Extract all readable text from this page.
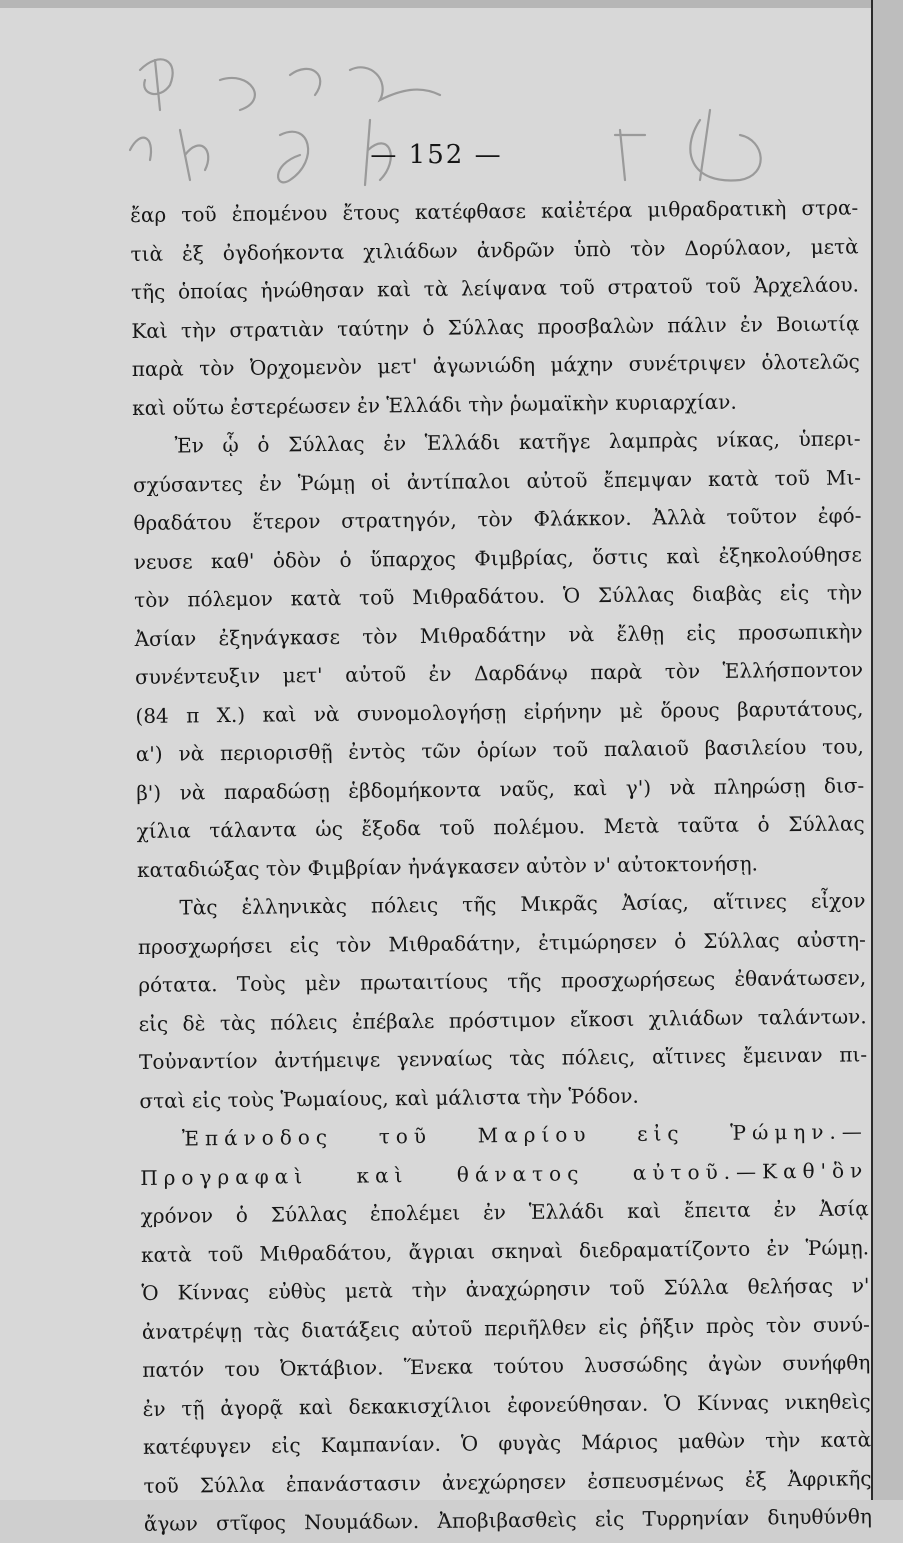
— 152 —
ἔαρ τοῦ ἐπομένου ἔτους κατέφθασε καἰἐτέρα μιθραδρατικὴ στρα-
τιὰ ἐξ ὀγδοήκοντα χιλιάδων ἀνδρῶν ὑπὸ τὸν Δορύλαον, μετὰ
τῆς ὁποίας ἡνώθησαν καὶ τὰ λείψανα τοῦ στρατοῦ τοῦ Ἀρχελάου.
Καὶ τὴν στρατιὰν ταύτην ὁ Σύλλας προσβαλὼν πάλιν ἐν Βοιωτίᾳ
παρὰ τὸν Ὀρχομενὸν μετ' ἀγωνιώδη μάχην συνέτριψεν ὁλοτελῶς
καὶ οὕτω ἐστερέωσεν ἐν Ἑλλάδι τὴν ῥωμαϊκὴν κυριαρχίαν.
Ἐν ᾧ ὁ Σύλλας ἐν Ἑλλάδι κατῆγε λαμπρὰς νίκας, ὑπερι-
σχύσαντες ἐν Ῥώμῃ οἱ ἀντίπαλοι αὐτοῦ ἔπεμψαν κατὰ τοῦ Μι-
θραδάτου ἕτερον στρατηγόν, τὸν Φλάκκον. Ἀλλὰ τοῦτον ἐφό-
νευσε καθ' ὁδὸν ὁ ὕπαρχος Φιμβρίας, ὅστις καὶ ἐξηκολούθησε
τὸν πόλεμον κατὰ τοῦ Μιθραδάτου. Ὁ Σύλλας διαβὰς εἰς τὴν
Ἀσίαν ἐξηνάγκασε τὸν Μιθραδάτην νὰ ἔλθῃ εἰς προσωπικὴν
συνέντευξιν μετ' αὐτοῦ ἐν Δαρδάνῳ παρὰ τὸν Ἑλλήσποντον
(84 π Χ.) καὶ νὰ συνομολογήσῃ εἰρήνην μὲ ὅρους βαρυτάτους,
α') νὰ περιορισθῇ ἐντὸς τῶν ὁρίων τοῦ παλαιοῦ βασιλείου του,
β') νὰ παραδώσῃ ἑβδομήκοντα ναῦς, καὶ γ') νὰ πληρώσῃ δισ-
χίλια τάλαντα ὡς ἔξοδα τοῦ πολέμου. Μετὰ ταῦτα ὁ Σύλλας
καταδιώξας τὸν Φιμβρίαν ἠνάγκασεν αὐτὸν ν' αὐτοκτονήσῃ.
Τὰς ἑλληνικὰς πόλεις τῆς Μικρᾶς Ἀσίας, αἵτινες εἶχον
προσχωρήσει εἰς τὸν Μιθραδάτην, ἐτιμώρησεν ὁ Σύλλας αὐστη-
ρότατα. Τοὺς μὲν πρωταιτίους τῆς προσχωρήσεως ἐθανάτωσεν,
εἰς δὲ τὰς πόλεις ἐπέβαλε πρόστιμον εἴκοσι χιλιάδων ταλάντων.
Τοὐναντίον ἀντήμειψε γενναίως τὰς πόλεις, αἵτινες ἔμειναν πι-
σταὶ εἰς τοὺς Ῥωμαίους, καὶ μάλιστα τὴν Ῥόδον.
Ἐπάνοδος τοῦ Μαρίου εἰς Ῥώμην.—
Προγραφαὶ καὶ θάνατος αὐτοῦ.—Καθ'ὃν
χρόνον ὁ Σύλλας ἐπολέμει ἐν Ἑλλάδι καὶ ἔπειτα ἐν Ἀσίᾳ
κατὰ τοῦ Μιθραδάτου, ἄγριαι σκηναὶ διεδραματίζοντο ἐν Ῥώμῃ.
Ὁ Κίννας εὐθὺς μετὰ τὴν ἀναχώρησιν τοῦ Σύλλα θελήσας ν'
ἀνατρέψῃ τὰς διατάξεις αὐτοῦ περιῆλθεν εἰς ῥῆξιν πρὸς τὸν συνύ-
πατόν του Ὀκτάβιον. Ἕνεκα τούτου λυσσώδης ἀγὼν συνήφθη
ἐν τῇ ἀγορᾷ καὶ δεκακισχίλιοι ἐφονεύθησαν. Ὁ Κίννας νικηθεὶς
κατέφυγεν εἰς Καμπανίαν. Ὁ φυγὰς Μάριος μαθὼν τὴν κατὰ
τοῦ Σύλλα ἐπανάστασιν ἀνεχώρησεν ἐσπευσμένως ἐξ Ἀφρικῆς
ἄγων στῖφος Νουμάδων. Ἀποβιβασθεὶς εἰς Τυρρηνίαν διηυθύνθη
